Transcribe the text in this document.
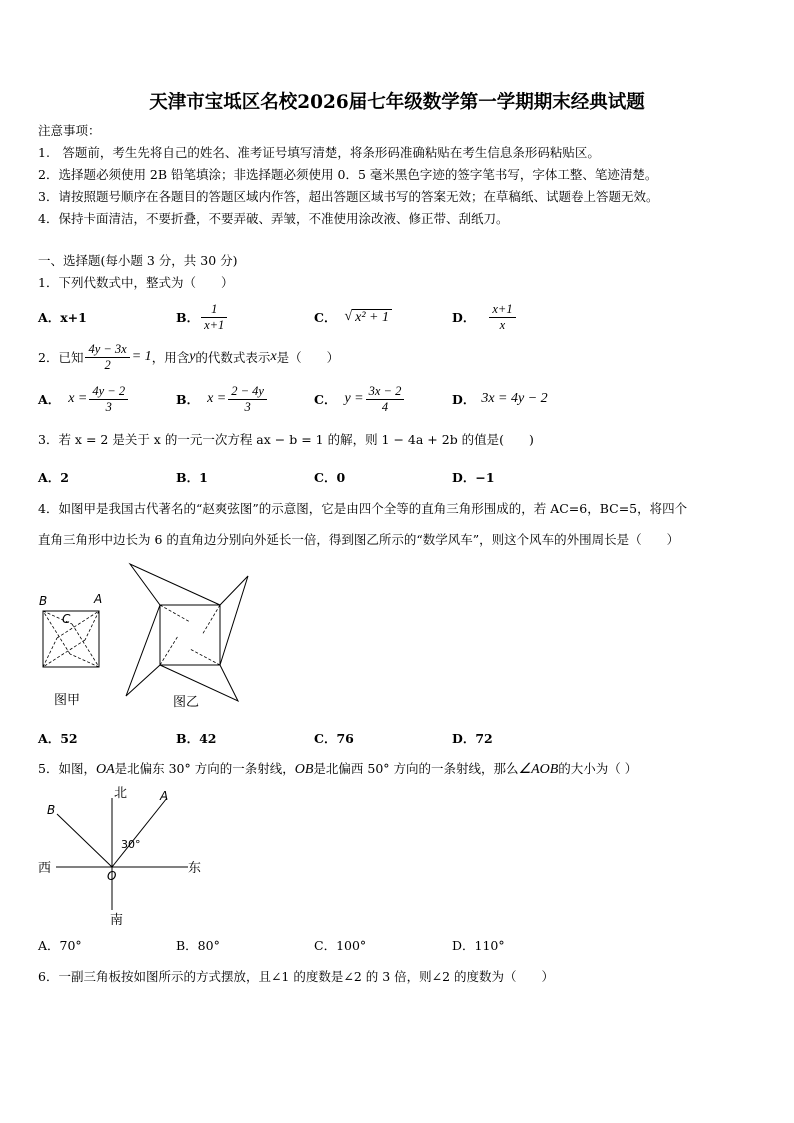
天津市宝坻区名校2026届七年级数学第一学期期末经典试题
注意事项：
1.　答题前，考生先将自己的姓名、准考证号填写清楚，将条形码准确粘贴在考生信息条形码粘贴区。
2．选择题必须使用 2B 铅笔填涂；非选择题必须使用 0．5 毫米黑色字迹的签字笔书写，字体工整、笔迹清楚。
3．请按照题号顺序在各题目的答题区域内作答，超出答题区域书写的答案无效；在草稿纸、试题卷上答题无效。
4．保持卡面清洁，不要折叠，不要弄破、弄皱，不准使用涂改液、修正带、刮纸刀。
一、选择题(每小题 3 分，共 30 分)
1．下列代数式中，整式为（　　）
A． x+1	B． $\frac{1}{x+1}$	C． √ x² + 1	D． $\frac{x+1}{x}$
2．已知 $\frac{4y - 3x}{2} = 1$ ，用含 y 的代数式表示 x 是（　　）
A． $x = \frac{4y - 2}{3}$	B． $x = \frac{2 - 4y}{3}$	C． $y = \frac{3x - 2}{4}$	D． 3x = 4y − 2
3．若 x = 2 是关于 x 的一元一次方程 ax − b = 1 的解，则 1 − 4a + 2b 的值是(　　)
A．2	B．1	C．0	D．−1
4．如图甲是我国古代著名的“赵爽弦图”的示意图，它是由四个全等的直角三角形围成的，若 AC=6，BC=5，将四个
直角三角形中边长为 6 的直角边分别向外延长一倍，得到图乙所示的“数学风车”，则这个风车的外围周长是（　　）
B	A
C
图甲	图乙
A．52	B．42	C．76	D．72
5．如图，OA是北偏东 30° 方向的一条射线，OB是北偏西 50° 方向的一条射线，那么∠AOB的大小为（ ）
北
南
东
西
A
B
O
30°
A．70°	B．80°	C．100°	D．110°
6．一副三角板按如图所示的方式摆放，且∠1 的度数是∠2 的 3 倍，则∠2 的度数为（　　）
